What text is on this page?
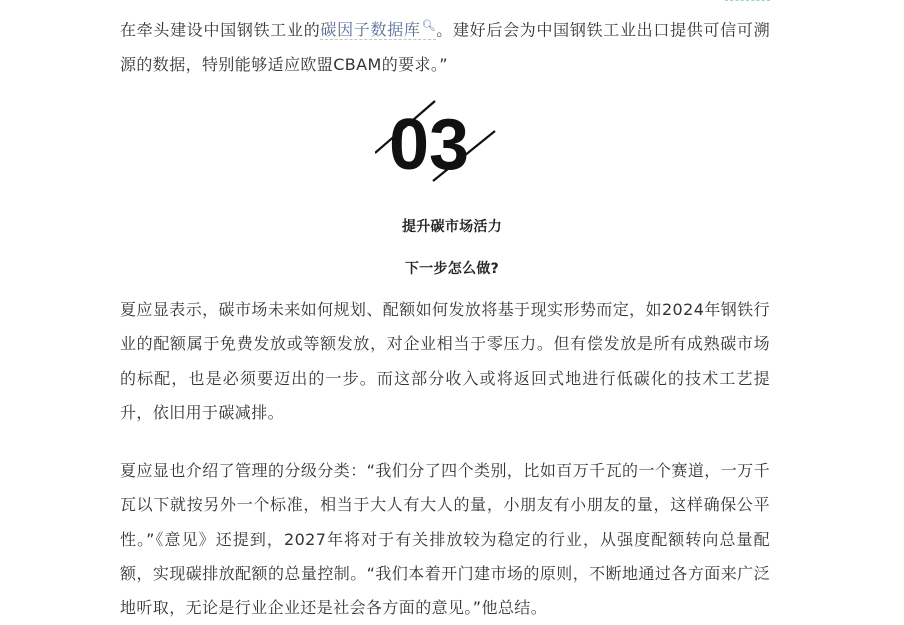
在牵头建设中国钢铁工业的碳因子数据库🔍︎。建好后会为中国钢铁工业出口提供可信可溯源的数据，特别能够适应欧盟CBAM的要求。”

03
提升碳市场活力
下一步怎么做?

夏应显表示，碳市场未来如何规划、配额如何发放将基于现实形势而定，如2024年钢铁行业的配额属于免费发放或等额发放，对企业相当于零压力。但有偿发放是所有成熟碳市场的标配，也是必须要迈出的一步。而这部分收入或将返回式地进行低碳化的技术工艺提升，依旧用于碳减排。

夏应显也介绍了管理的分级分类：“我们分了四个类别，比如百万千瓦的一个赛道，一万千瓦以下就按另外一个标准，相当于大人有大人的量，小朋友有小朋友的量，这样确保公平性。”《意见》还提到，2027年将对于有关排放较为稳定的行业，从强度配额转向总量配额，实现碳排放配额的总量控制。“我们本着开门建市场的原则，不断地通过各方面来广泛地听取，无论是行业企业还是社会各方面的意见。”他总结。
